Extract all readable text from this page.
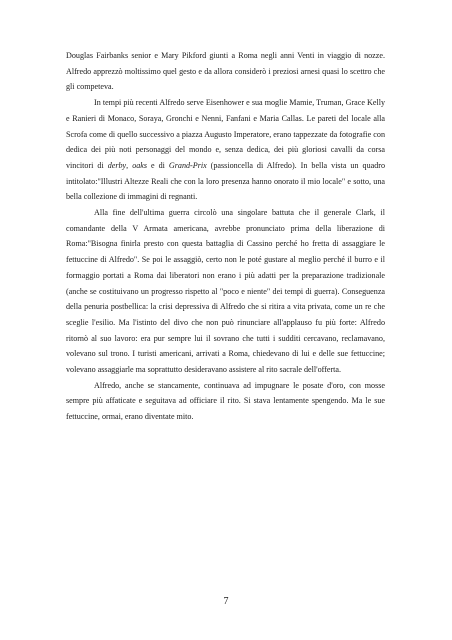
Douglas Fairbanks senior e Mary Pikford giunti a Roma negli anni Venti in viaggio di nozze. Alfredo apprezzò moltissimo quel gesto e da allora considerò i preziosi arnesi quasi lo scettro che gli competeva.

In tempi più recenti Alfredo serve Eisenhower e sua moglie Mamie, Truman, Grace Kelly e Ranieri di Monaco, Soraya, Gronchi e Nenni, Fanfani e Maria Callas. Le pareti del locale alla Scrofa come di quello successivo a piazza Augusto Imperatore, erano tappezzate da fotografie con dedica dei più noti personaggi del mondo e, senza dedica, dei più gloriosi cavalli da corsa vincitori di derby, oaks e di Grand-Prix (passioncella di Alfredo). In bella vista un quadro intitolato:"Illustri Altezze Reali che con la loro presenza hanno onorato il mio locale" e sotto, una bella collezione di immagini di regnanti.

Alla fine dell'ultima guerra circolò una singolare battuta che il generale Clark, il comandante della V Armata americana, avrebbe pronunciato prima della liberazione di Roma:"Bisogna finirla presto con questa battaglia di Cassino perché ho fretta di assaggiare le fettuccine di Alfredo". Se poi le assaggiò, certo non le poté gustare al meglio perché il burro e il formaggio portati a Roma dai liberatori non erano i più adatti per la preparazione tradizionale (anche se costituivano un progresso rispetto al "poco e niente" dei tempi di guerra). Conseguenza della penuria postbellica: la crisi depressiva di Alfredo che si ritira a vita privata, come un re che sceglie l'esilio. Ma l'istinto del divo che non può rinunciare all'applauso fu più forte: Alfredo ritornò al suo lavoro: era pur sempre lui il sovrano che tutti i sudditi cercavano, reclamavano, volevano sul trono. I turisti americani, arrivati a Roma, chiedevano di lui e delle sue fettuccine; volevano assaggiarle ma soprattutto desideravano assistere al rito sacrale dell'offerta.

Alfredo, anche se stancamente, continuava ad impugnare le posate d'oro, con mosse sempre più affaticate e seguitava ad officiare il rito. Si stava lentamente spengendo. Ma le sue fettuccine, ormai, erano diventate mito.

7
